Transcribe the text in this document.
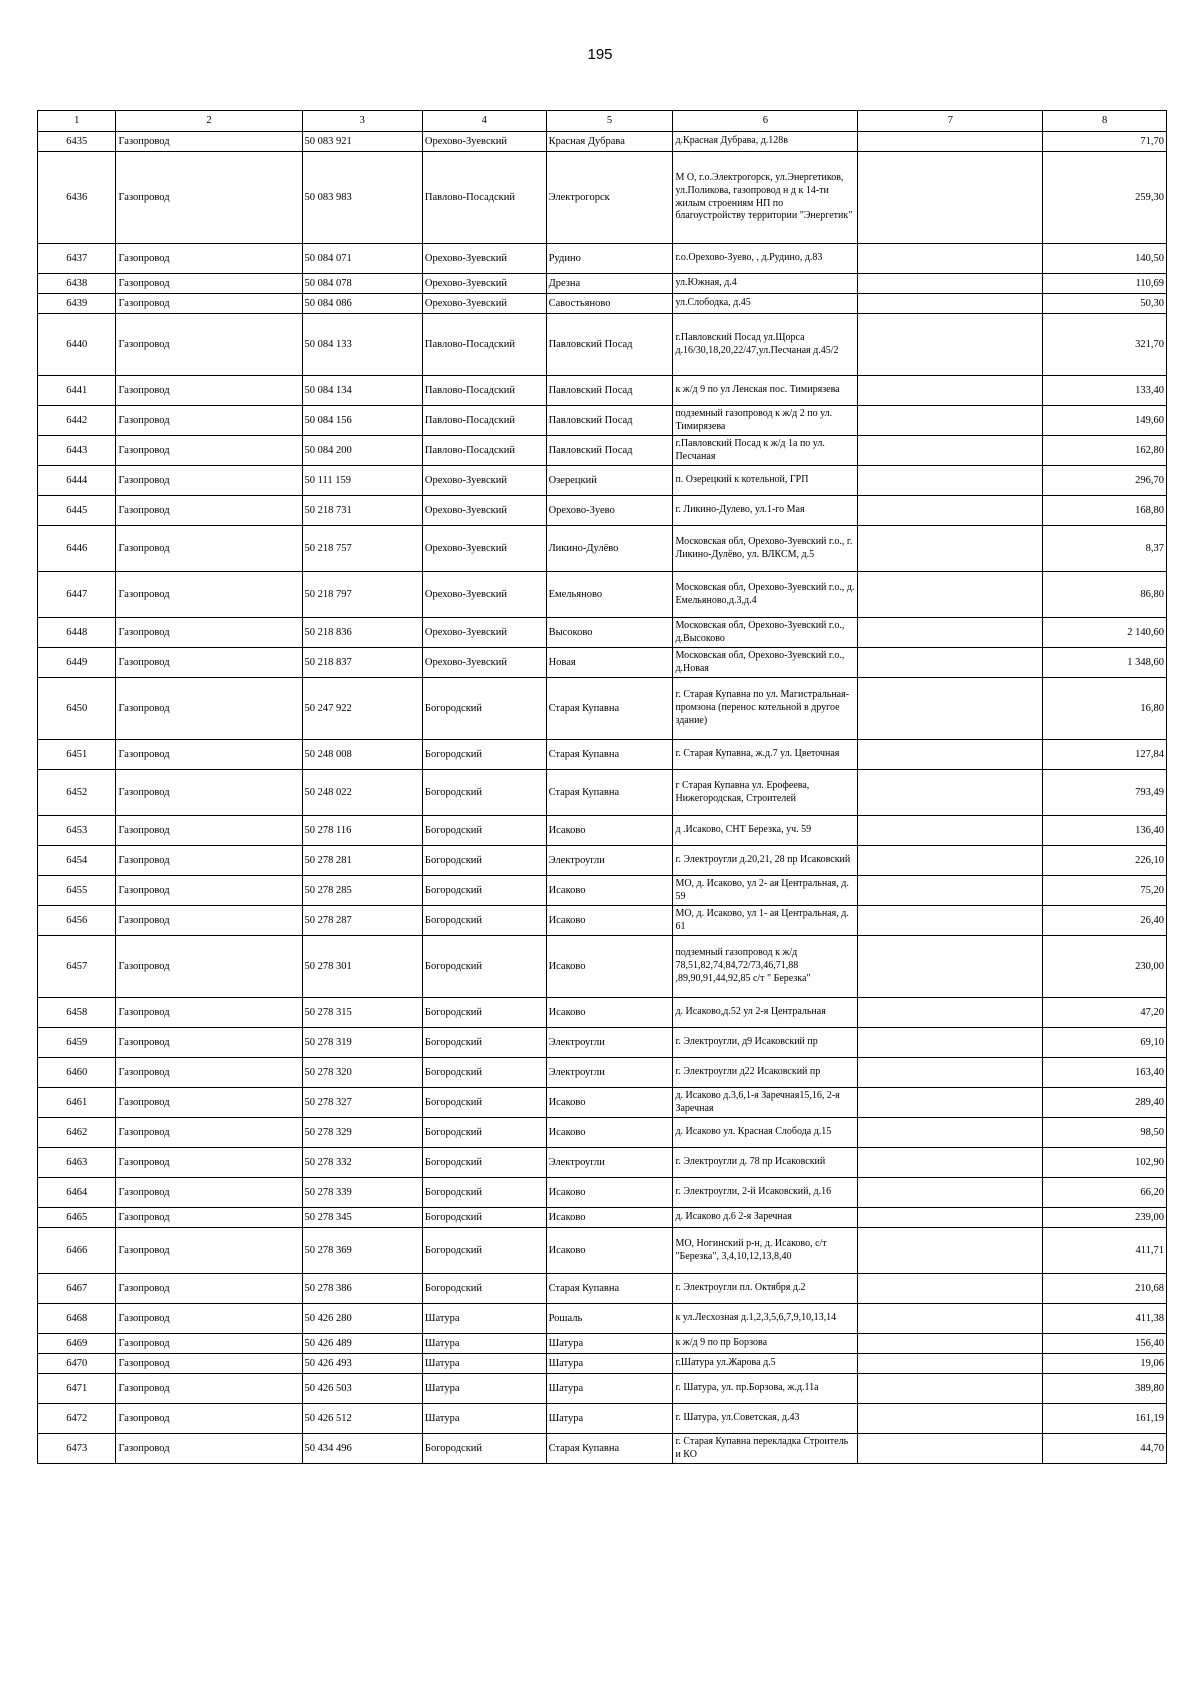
195
1	2	3	4	5	6	7	8
6435	Газопровод	50 083 921	Орехово-Зуевский	Красная Дубрава	д.Красная Дубрава, д.128в		71,70
6436	Газопровод	50 083 983	Павлово-Посадский	Электрогорск	М О, г.о.Электрогорск, ул.Энергетиков, ул.Поликова, газопровод н д к 14-ти жилым строениям НП по благоустройству территории "Энергетик"		259,30
6437	Газопровод	50 084 071	Орехово-Зуевский	Рудино	г.о.Орехово-Зуево, , д.Рудино, д.83		140,50
6438	Газопровод	50 084 078	Орехово-Зуевский	Дрезна	ул.Южная, д.4		110,69
6439	Газопровод	50 084 086	Орехово-Зуевский	Савостьяново	ул.Слободка, д.45		50,30
6440	Газопровод	50 084 133	Павлово-Посадский	Павловский Посад	г.Павловский Посад ул.Щорса д.16/30,18,20,22/47,ул.Песчаная д.45/2		321,70
6441	Газопровод	50 084 134	Павлово-Посадский	Павловский Посад	к ж/д 9 по ул Ленская пос. Тимирязева		133,40
6442	Газопровод	50 084 156	Павлово-Посадский	Павловский Посад	подземный газопровод к ж/д 2 по ул. Тимирязева		149,60
6443	Газопровод	50 084 200	Павлово-Посадский	Павловский Посад	г.Павловский Посад к ж/д 1а по ул. Песчаная		162,80
6444	Газопровод	50 111 159	Орехово-Зуевский	Озерецкий	п. Озерецкий к котельной, ГРП		296,70
6445	Газопровод	50 218 731	Орехово-Зуевский	Орехово-Зуево	г. Ликино-Дулево, ул.1-го Мая		168,80
6446	Газопровод	50 218 757	Орехово-Зуевский	Ликино-Дулёво	Московская обл, Орехово-Зуевский г.о., г. Ликино-Дулёво, ул. ВЛКСМ, д.5		8,37
6447	Газопровод	50 218 797	Орехово-Зуевский	Емельяново	Московская обл, Орехово-Зуевский г.о., д. Емельяново,д.3,д.4		86,80
6448	Газопровод	50 218 836	Орехово-Зуевский	Высоково	Московская обл, Орехово-Зуевский г.о., д.Высоково		2 140,60
6449	Газопровод	50 218 837	Орехово-Зуевский	Новая	Московская обл, Орехово-Зуевский г.о., д.Новая		1 348,60
6450	Газопровод	50 247 922	Богородский	Старая Купавна	г. Старая Купавна по ул. Магистральная-промзона (перенос котельной в другое здание)		16,80
6451	Газопровод	50 248 008	Богородский	Старая Купавна	г. Старая Купавна, ж.д.7 ул. Цветочная		127,84
6452	Газопровод	50 248 022	Богородский	Старая Купавна	г Старая Купавна ул. Ерофеева, Нижегородская, Строителей		793,49
6453	Газопровод	50 278 116	Богородский	Исаково	д .Исаково, СНТ Березка, уч. 59		136,40
6454	Газопровод	50 278 281	Богородский	Электроугли	г. Электроугли д.20,21, 28 пр Исаковский		226,10
6455	Газопровод	50 278 285	Богородский	Исаково	МО, д. Исаково, ул 2- ая Центральная, д. 59		75,20
6456	Газопровод	50 278 287	Богородский	Исаково	МО, д. Исаково, ул 1- ая Центральная, д. 61		26,40
6457	Газопровод	50 278 301	Богородский	Исаково	подземный газопровод к ж/д 78,51,82,74,84,72/73,46,71,88 ,89,90,91,44,92,85 с/т " Березка"		230,00
6458	Газопровод	50 278 315	Богородский	Исаково	д. Исаково,д.52 ул 2-я Центральная		47,20
6459	Газопровод	50 278 319	Богородский	Электроугли	г. Электроугли, д9 Исаковский пр		69,10
6460	Газопровод	50 278 320	Богородский	Электроугли	г. Электроугли д22 Исаковский пр		163,40
6461	Газопровод	50 278 327	Богородский	Исаково	д. Исаково д.3,6,1-я Заречная15,16, 2-я Заречная		289,40
6462	Газопровод	50 278 329	Богородский	Исаково	д. Исаково ул. Красная Слобода д.15		98,50
6463	Газопровод	50 278 332	Богородский	Электроугли	г. Электроугли д. 78 пр Исаковский		102,90
6464	Газопровод	50 278 339	Богородский	Исаково	г. Электроугли, 2-й Исаковский, д.16		66,20
6465	Газопровод	50 278 345	Богородский	Исаково	д. Исаково д.6 2-я Заречная		239,00
6466	Газопровод	50 278 369	Богородский	Исаково	МО, Ногинский р-н, д. Исаково, с/т "Березка", 3,4,10,12,13,8,40		411,71
6467	Газопровод	50 278 386	Богородский	Старая Купавна	г. Электроугли пл. Октября д.2		210,68
6468	Газопровод	50 426 280	Шатура	Рошаль	к ул.Лесхозная д.1,2,3,5,6,7,9,10,13,14		411,38
6469	Газопровод	50 426 489	Шатура	Шатура	к ж/д 9 по пр Борзова		156,40
6470	Газопровод	50 426 493	Шатура	Шатура	г.Шатура ул.Жарова д.5		19,06
6471	Газопровод	50 426 503	Шатура	Шатура	г. Шатура, ул. пр.Борзова, ж.д.11а		389,80
6472	Газопровод	50 426 512	Шатура	Шатура	г. Шатура, ул.Советская, д.43		161,19
6473	Газопровод	50 434 496	Богородский	Старая Купавна	г. Старая Купавна перекладка Строитель и КО		44,70
